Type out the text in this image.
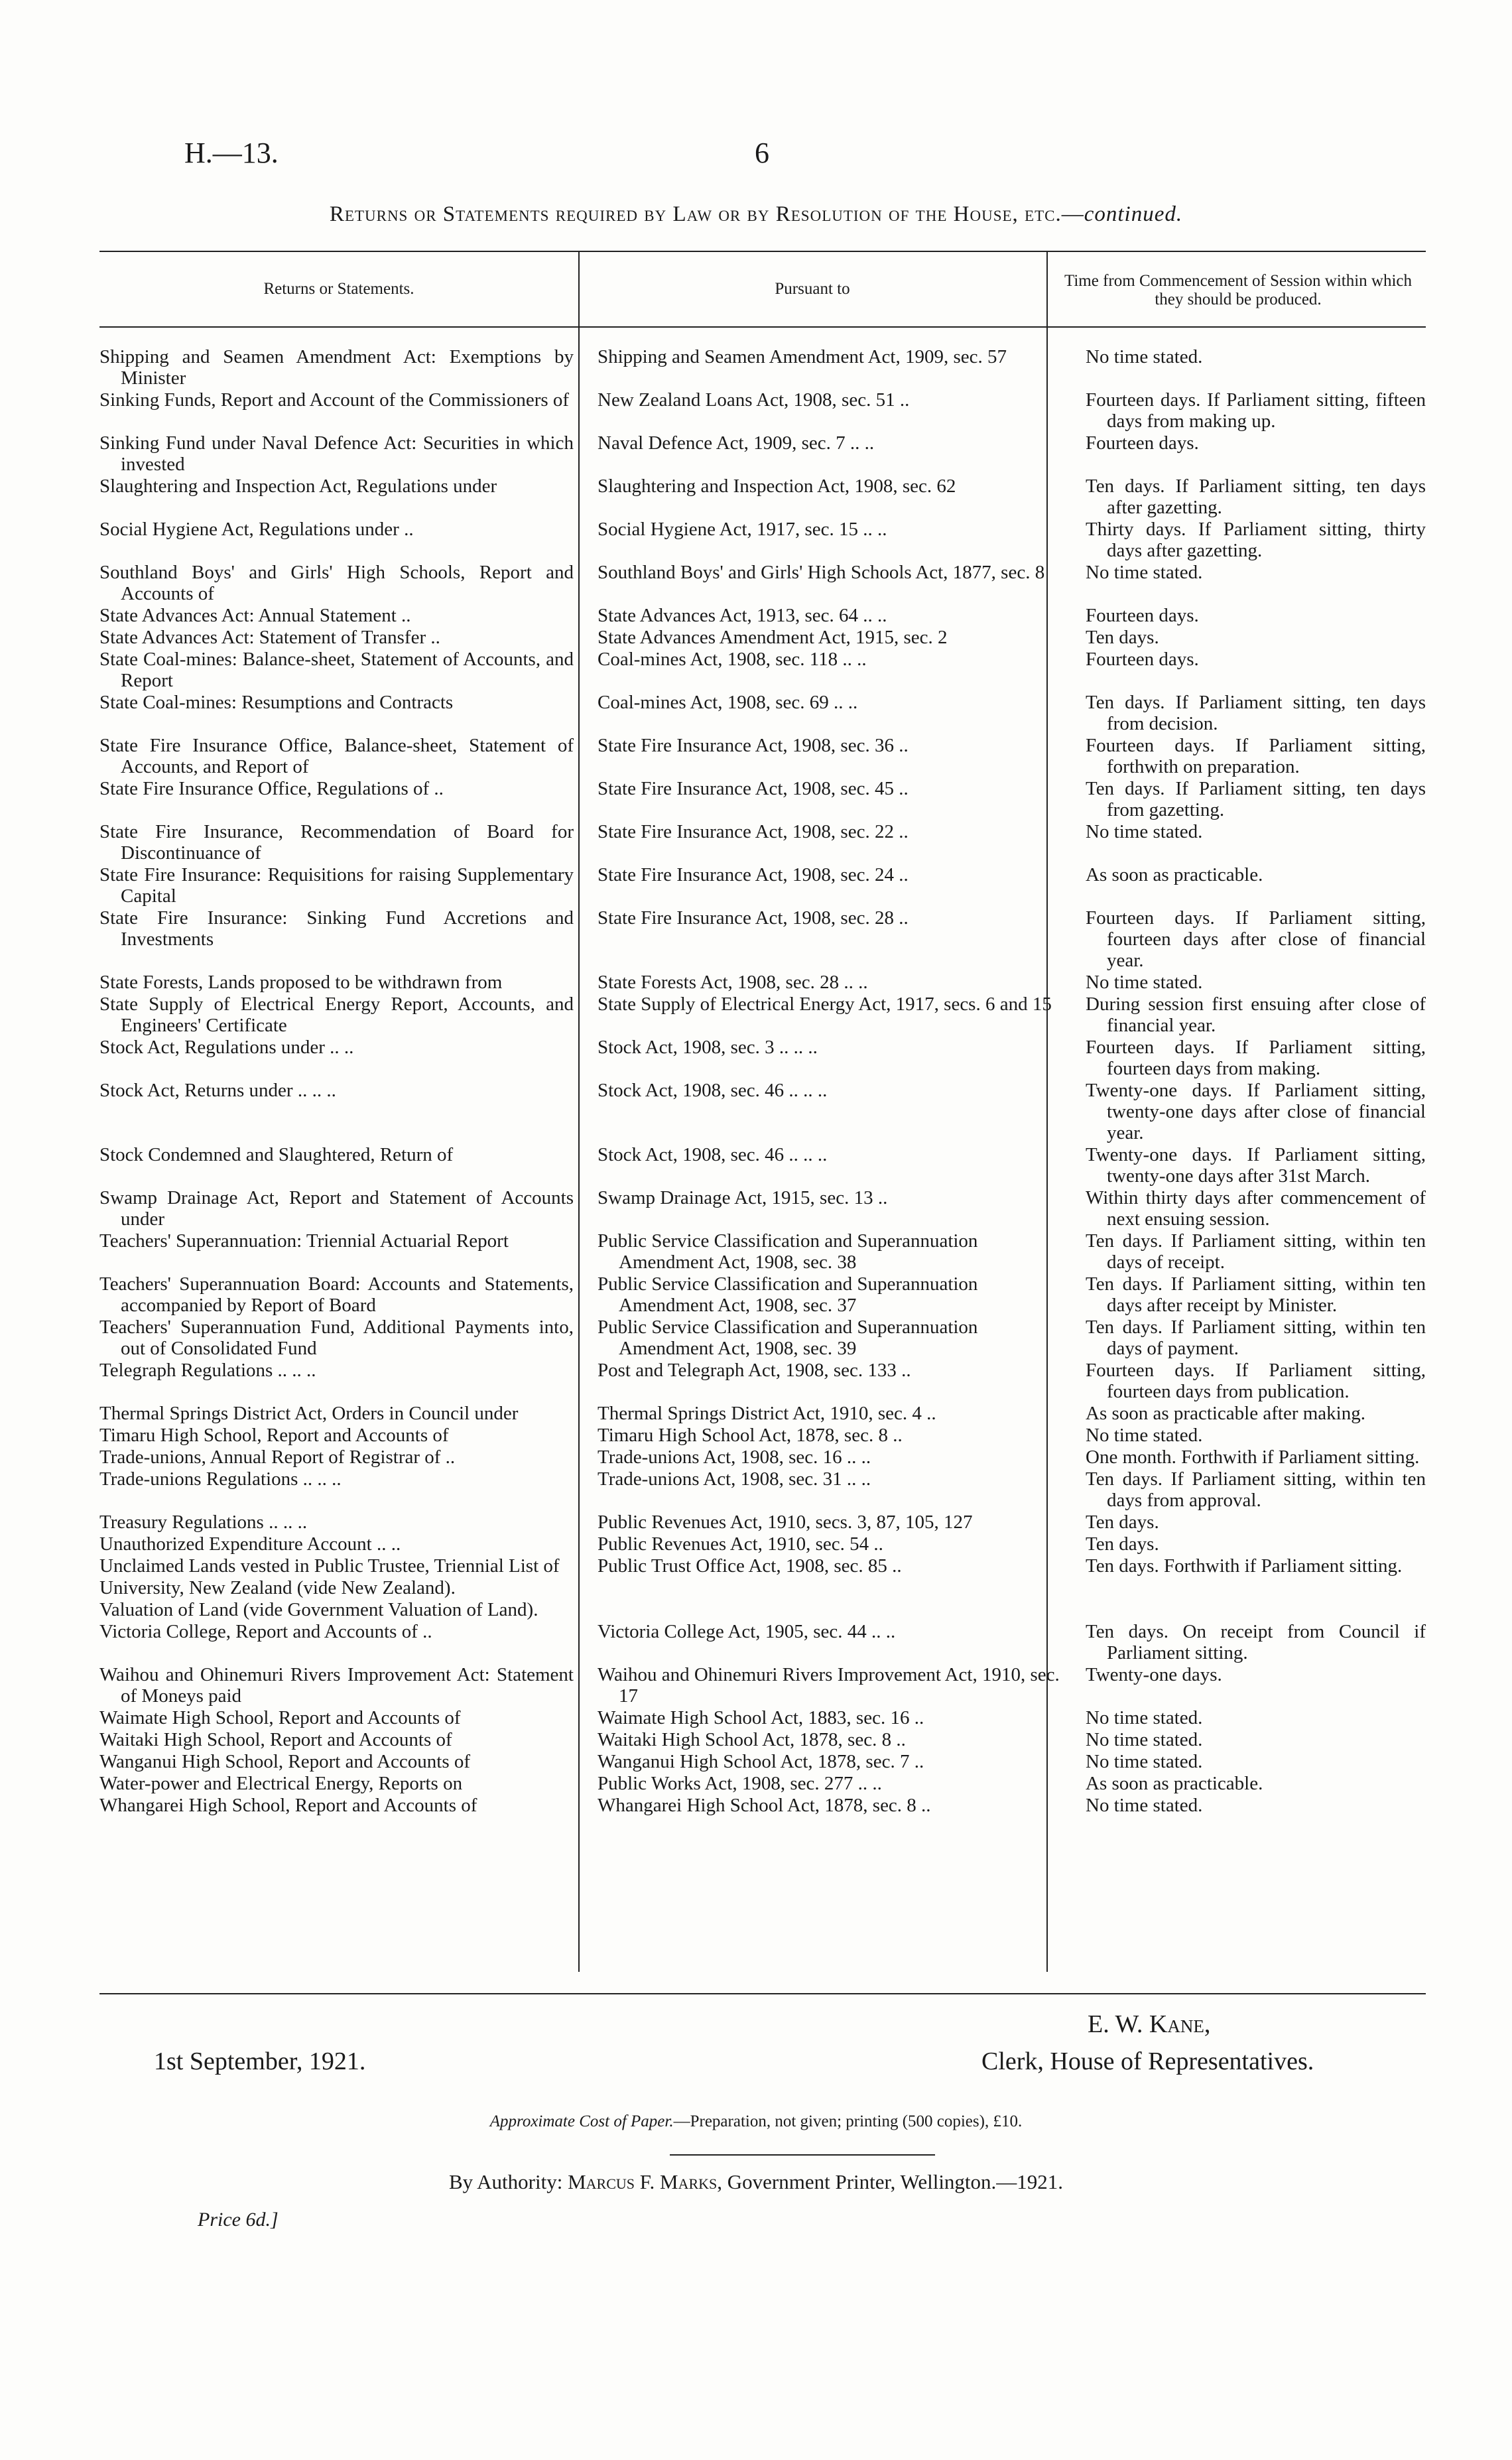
H.—13.	6
Returns or Statements required by Law or by Resolution of the House, etc.—continued.
Returns or Statements.	Pursuant to	Time from Commencement of Session within which they should be produced.
Shipping and Seamen Amendment Act: Exemptions by Minister	Shipping and Seamen Amendment Act, 1909, sec. 57	No time stated.

Sinking Funds, Report and Account of the Commissioners of	New Zealand Loans Act, 1908, sec. 51 ..	Fourteen days. If Parliament sitting, fifteen days from making up.

Sinking Fund under Naval Defence Act: Securities in which invested	Naval Defence Act, 1909, sec. 7 .. ..	Fourteen days.

Slaughtering and Inspection Act, Regulations under	Slaughtering and Inspection Act, 1908, sec. 62	Ten days. If Parliament sitting, ten days after gazetting.

Social Hygiene Act, Regulations under ..	Social Hygiene Act, 1917, sec. 15 .. ..	Thirty days. If Parliament sitting, thirty days after gazetting.

Southland Boys' and Girls' High Schools, Report and Accounts of	Southland Boys' and Girls' High Schools Act, 1877, sec. 8	No time stated.

State Advances Act: Annual Statement ..	State Advances Act, 1913, sec. 64 .. ..	Fourteen days.

State Advances Act: Statement of Transfer ..	State Advances Amendment Act, 1915, sec. 2	Ten days.

State Coal-mines: Balance-sheet, Statement of Accounts, and Report	Coal-mines Act, 1908, sec. 118 .. ..	Fourteen days.

State Coal-mines: Resumptions and Contracts	Coal-mines Act, 1908, sec. 69 .. ..	Ten days. If Parliament sitting, ten days from decision.

State Fire Insurance Office, Balance-sheet, Statement of Accounts, and Report of	State Fire Insurance Act, 1908, sec. 36 ..	Fourteen days. If Parliament sitting, forthwith on preparation.

State Fire Insurance Office, Regulations of ..	State Fire Insurance Act, 1908, sec. 45 ..	Ten days. If Parliament sitting, ten days from gazetting.

State Fire Insurance, Recommendation of Board for Discontinuance of	State Fire Insurance Act, 1908, sec. 22 ..	No time stated.

State Fire Insurance: Requisitions for raising Supplementary Capital	State Fire Insurance Act, 1908, sec. 24 ..	As soon as practicable.

State Fire Insurance: Sinking Fund Accretions and Investments	State Fire Insurance Act, 1908, sec. 28 ..	Fourteen days. If Parliament sitting, fourteen days after close of financial year.

State Forests, Lands proposed to be withdrawn from	State Forests Act, 1908, sec. 28 .. ..	No time stated.

State Supply of Electrical Energy Report, Accounts, and Engineers' Certificate	State Supply of Electrical Energy Act, 1917, secs. 6 and 15	During session first ensuing after close of financial year.

Stock Act, Regulations under .. ..	Stock Act, 1908, sec. 3 .. .. ..	Fourteen days. If Parliament sitting, fourteen days from making.

Stock Act, Returns under .. .. ..	Stock Act, 1908, sec. 46 .. .. ..	Twenty-one days. If Parliament sitting, twenty-one days after close of financial year.

Stock Condemned and Slaughtered, Return of	Stock Act, 1908, sec. 46 .. .. ..	Twenty-one days. If Parliament sitting, twenty-one days after 31st March.

Swamp Drainage Act, Report and Statement of Accounts under	Swamp Drainage Act, 1915, sec. 13 ..	Within thirty days after commencement of next ensuing session.

Teachers' Superannuation: Triennial Actuarial Report	Public Service Classification and Superannuation Amendment Act, 1908, sec. 38	Ten days. If Parliament sitting, within ten days of receipt.

Teachers' Superannuation Board: Accounts and Statements, accompanied by Report of Board	Public Service Classification and Superannuation Amendment Act, 1908, sec. 37	Ten days. If Parliament sitting, within ten days after receipt by Minister.

Teachers' Superannuation Fund, Additional Payments into, out of Consolidated Fund	Public Service Classification and Superannuation Amendment Act, 1908, sec. 39	Ten days. If Parliament sitting, within ten days of payment.

Telegraph Regulations .. .. ..	Post and Telegraph Act, 1908, sec. 133 ..	Fourteen days. If Parliament sitting, fourteen days from publication.

Thermal Springs District Act, Orders in Council under	Thermal Springs District Act, 1910, sec. 4 ..	As soon as practicable after making.

Timaru High School, Report and Accounts of	Timaru High School Act, 1878, sec. 8 ..	No time stated.

Trade-unions, Annual Report of Registrar of ..	Trade-unions Act, 1908, sec. 16 .. ..	One month. Forthwith if Parliament sitting.

Trade-unions Regulations .. .. ..	Trade-unions Act, 1908, sec. 31 .. ..	Ten days. If Parliament sitting, within ten days from approval.

Treasury Regulations .. .. ..	Public Revenues Act, 1910, secs. 3, 87, 105, 127	Ten days.

Unauthorized Expenditure Account .. ..	Public Revenues Act, 1910, sec. 54 ..	Ten days.

Unclaimed Lands vested in Public Trustee, Triennial List of	Public Trust Office Act, 1908, sec. 85 ..	Ten days. Forthwith if Parliament sitting.

University, New Zealand (vide New Zealand).		

Valuation of Land (vide Government Valuation of Land).		

Victoria College, Report and Accounts of ..	Victoria College Act, 1905, sec. 44 .. ..	Ten days. On receipt from Council if Parliament sitting.

Waihou and Ohinemuri Rivers Improvement Act: Statement of Moneys paid	Waihou and Ohinemuri Rivers Improvement Act, 1910, sec. 17	Twenty-one days.

Waimate High School, Report and Accounts of	Waimate High School Act, 1883, sec. 16 ..	No time stated.

Waitaki High School, Report and Accounts of	Waitaki High School Act, 1878, sec. 8 ..	No time stated.

Wanganui High School, Report and Accounts of	Wanganui High School Act, 1878, sec. 7 ..	No time stated.

Water-power and Electrical Energy, Reports on	Public Works Act, 1908, sec. 277 .. ..	As soon as practicable.

Whangarei High School, Report and Accounts of	Whangarei High School Act, 1878, sec. 8 ..	No time stated.
E. W. Kane,
1st September, 1921.	Clerk, House of Representatives.
Approximate Cost of Paper.—Preparation, not given; printing (500 copies), £10.
By Authority: Marcus F. Marks, Government Printer, Wellington.—1921.
Price 6d.]
